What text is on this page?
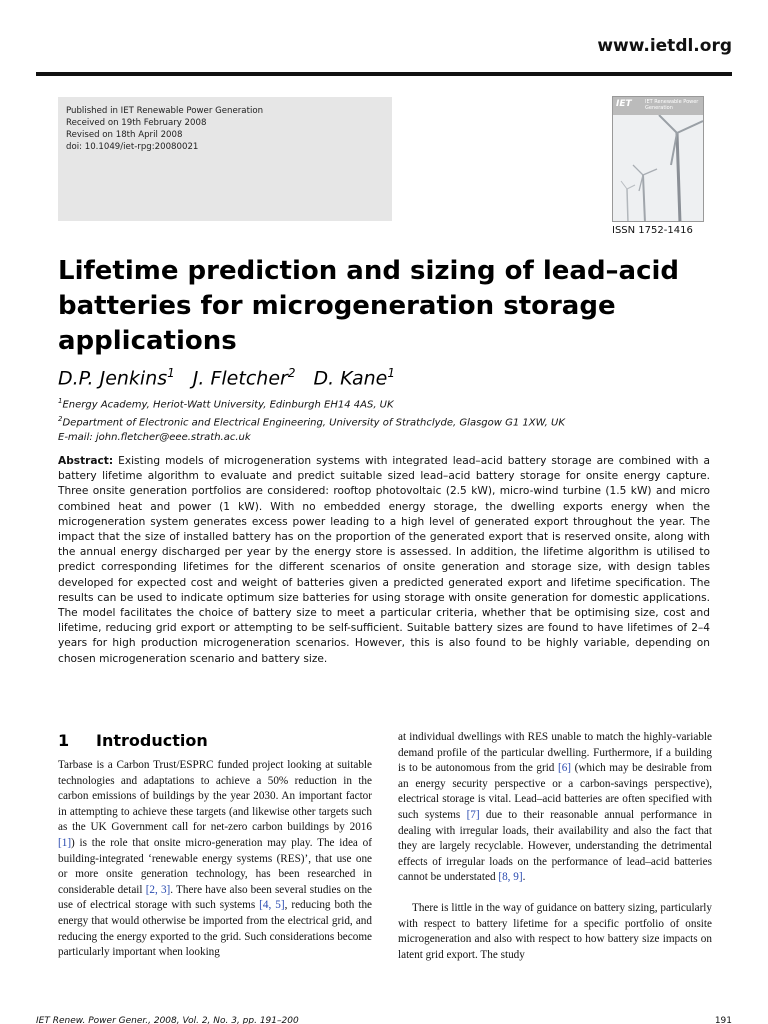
www.ietdl.org
Published in IET Renewable Power Generation
Received on 19th February 2008
Revised on 18th April 2008
doi: 10.1049/iet-rpg:20080021
IET	IET Renewable Power Generation
ISSN 1752-1416
Lifetime prediction and sizing of lead–acid batteries for microgeneration storage applications
D.P. Jenkins$^1$ J. Fletcher$^2$ D. Kane$^1$
$^1$Energy Academy, Heriot-Watt University, Edinburgh EH14 4AS, UK
$^2$Department of Electronic and Electrical Engineering, University of Strathclyde, Glasgow G1 1XW, UK
E-mail: john.fletcher@eee.strath.ac.uk
Abstract: Existing models of microgeneration systems with integrated lead–acid battery storage are combined with a battery lifetime algorithm to evaluate and predict suitable sized lead–acid battery storage for onsite energy capture. Three onsite generation portfolios are considered: rooftop photovoltaic (2.5 kW), micro-wind turbine (1.5 kW) and micro combined heat and power (1 kW). With no embedded energy storage, the dwelling exports energy when the microgeneration system generates excess power leading to a high level of generated export throughout the year. The impact that the size of installed battery has on the proportion of the generated export that is reserved onsite, along with the annual energy discharged per year by the energy store is assessed. In addition, the lifetime algorithm is utilised to predict corresponding lifetimes for the different scenarios of onsite generation and storage size, with design tables developed for expected cost and weight of batteries given a predicted generated export and lifetime specification. The results can be used to indicate optimum size batteries for using storage with onsite generation for domestic applications. The model facilitates the choice of battery size to meet a particular criteria, whether that be optimising size, cost and lifetime, reducing grid export or attempting to be self-sufficient. Suitable battery sizes are found to have lifetimes of 2–4 years for high production microgeneration scenarios. However, this is also found to be highly variable, depending on chosen microgeneration scenario and battery size.
1 Introduction

Tarbase is a Carbon Trust/ESPRC funded project looking at suitable technologies and adaptations to achieve a 50% reduction in the carbon emissions of buildings by the year 2030. An important factor in attempting to achieve these targets (and likewise other targets such as the UK Government call for net-zero carbon buildings by 2016 [1]) is the role that onsite micro-generation may play. The idea of building-integrated ‘renewable energy systems (RES)’, that use one or more onsite generation technology, has been researched in considerable detail [2, 3]. There have also been several studies on the use of electrical storage with such systems [4, 5], reducing both the energy that would otherwise be imported from the electrical grid, and reducing the energy exported to the grid. Such considerations become particularly important when looking

at individual dwellings with RES unable to match the highly-variable demand profile of the particular dwelling. Furthermore, if a building is to be autonomous from the grid [6] (which may be desirable from an energy security perspective or a carbon-savings perspective), electrical storage is vital. Lead–acid batteries are often specified with such systems [7] due to their reasonable annual performance in dealing with irregular loads, their availability and also the fact that they are largely recyclable. However, understanding the detrimental effects of irregular loads on the performance of lead–acid batteries cannot be understated [8, 9].

There is little in the way of guidance on battery sizing, particularly with respect to battery lifetime for a specific portfolio of onsite microgeneration and also with respect to how battery size impacts on latent grid export. The study

IET Renew. Power Gener., 2008, Vol. 2, No. 3, pp. 191–200	191
